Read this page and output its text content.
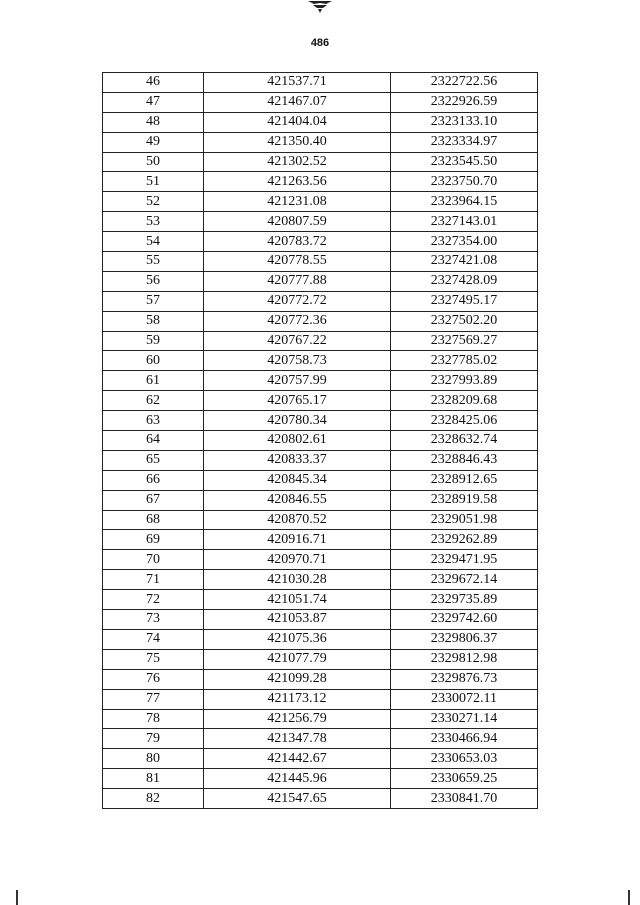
486
46	421537.71	2322722.56
47	421467.07	2322926.59
48	421404.04	2323133.10
49	421350.40	2323334.97
50	421302.52	2323545.50
51	421263.56	2323750.70
52	421231.08	2323964.15
53	420807.59	2327143.01
54	420783.72	2327354.00
55	420778.55	2327421.08
56	420777.88	2327428.09
57	420772.72	2327495.17
58	420772.36	2327502.20
59	420767.22	2327569.27
60	420758.73	2327785.02
61	420757.99	2327993.89
62	420765.17	2328209.68
63	420780.34	2328425.06
64	420802.61	2328632.74
65	420833.37	2328846.43
66	420845.34	2328912.65
67	420846.55	2328919.58
68	420870.52	2329051.98
69	420916.71	2329262.89
70	420970.71	2329471.95
71	421030.28	2329672.14
72	421051.74	2329735.89
73	421053.87	2329742.60
74	421075.36	2329806.37
75	421077.79	2329812.98
76	421099.28	2329876.73
77	421173.12	2330072.11
78	421256.79	2330271.14
79	421347.78	2330466.94
80	421442.67	2330653.03
81	421445.96	2330659.25
82	421547.65	2330841.70
